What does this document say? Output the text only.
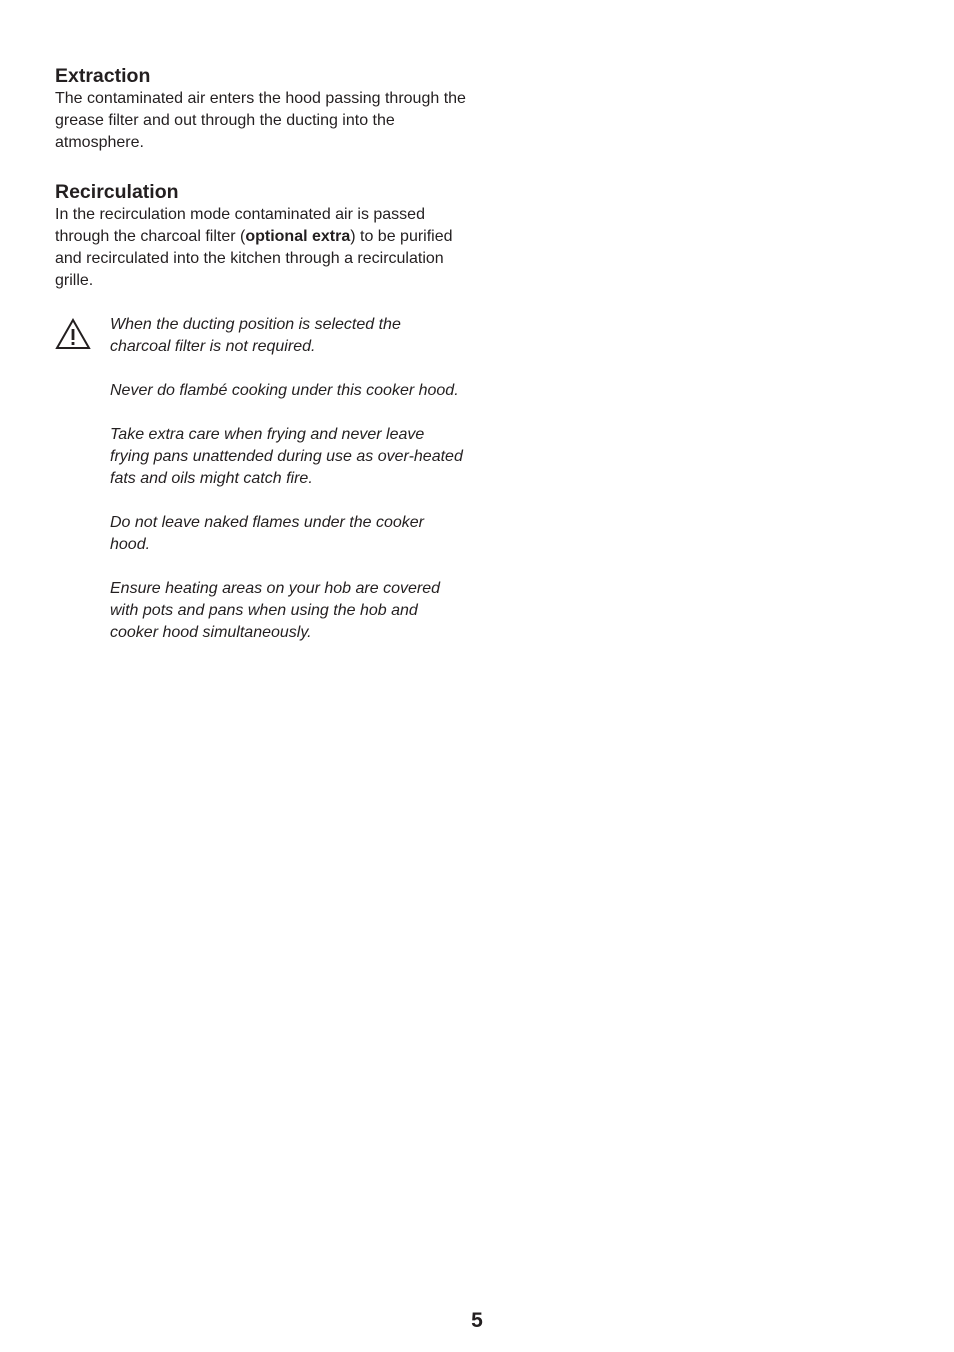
Extraction

The contaminated air enters the hood passing through the grease filter and out through the ducting into the atmosphere.

Recirculation

In the recirculation mode contaminated air is passed through the charcoal filter (optional extra) to be purified and recirculated into the kitchen through a recirculation grille.

When the ducting position is selected the charcoal filter is not required.

Never do flambé cooking under this cooker hood.

Take extra care when frying and never leave frying pans unattended during use as over-heated fats and oils might catch fire.

Do not leave naked flames under the cooker hood.

Ensure heating areas on your hob are covered with pots and pans when using the hob and cooker hood simultaneously.

5
